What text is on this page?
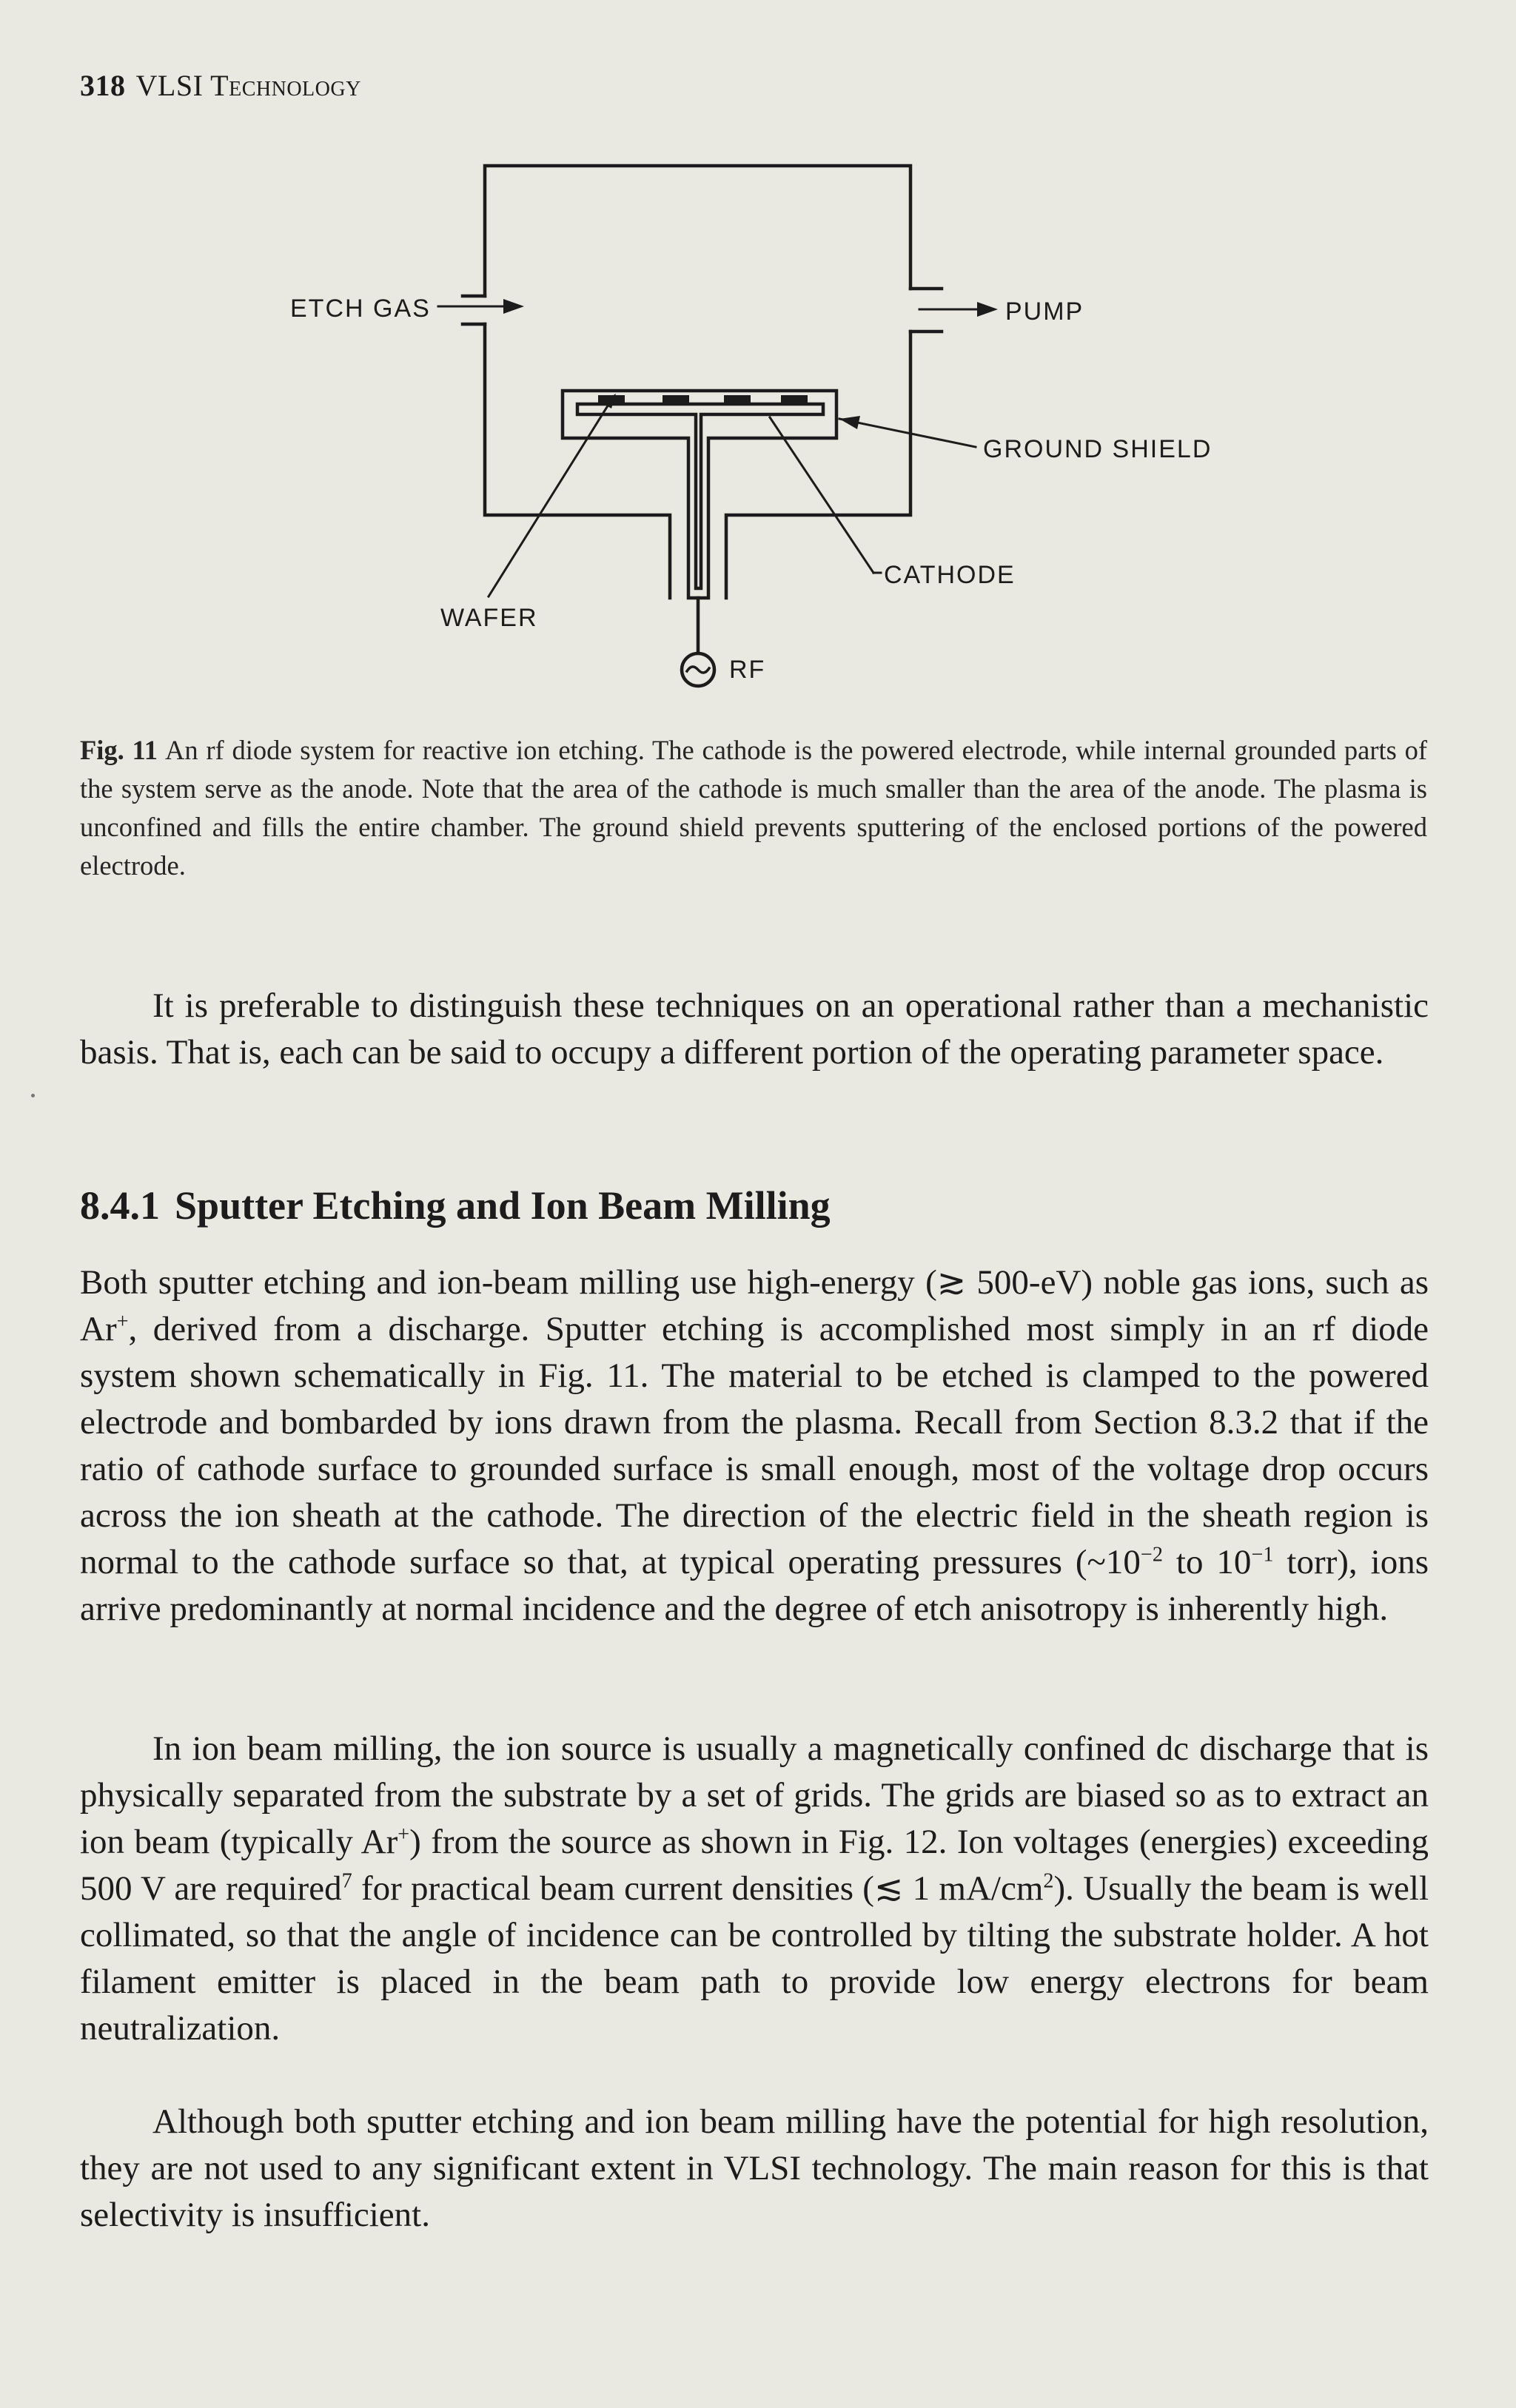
318 VLSI Technology
ETCH GAS	PUMP
GROUND SHIELD
CATHODE
WAFER
RF
Fig. 11 An rf diode system for reactive ion etching. The cathode is the powered electrode, while internal grounded parts of the system serve as the anode. Note that the area of the cathode is much smaller than the area of the anode. The plasma is unconfined and fills the entire chamber. The ground shield prevents sputtering of the enclosed portions of the powered electrode.

It is preferable to distinguish these techniques on an operational rather than a mechanistic basis. That is, each can be said to occupy a different portion of the operating parameter space.

8.4.1 Sputter Etching and Ion Beam Milling

Both sputter etching and ion-beam milling use high-energy (≳ 500-eV) noble gas ions, such as Ar+, derived from a discharge. Sputter etching is accomplished most simply in an rf diode system shown schematically in Fig. 11. The material to be etched is clamped to the powered electrode and bombarded by ions drawn from the plasma. Recall from Section 8.3.2 that if the ratio of cathode surface to grounded surface is small enough, most of the voltage drop occurs across the ion sheath at the cathode. The direction of the electric field in the sheath region is normal to the cathode surface so that, at typical operating pressures ($\sim 10^{-2}$ to $10^{-1}$ torr), ions arrive predominantly at normal incidence and the degree of etch anisotropy is inherently high.

In ion beam milling, the ion source is usually a magnetically confined dc discharge that is physically separated from the substrate by a set of grids. The grids are biased so as to extract an ion beam (typically Ar+) from the source as shown in Fig. 12. Ion voltages (energies) exceeding 500 V are required$^7$ for practical beam current densities (≲ 1 $mA/cm^2$). Usually the beam is well collimated, so that the angle of incidence can be controlled by tilting the substrate holder. A hot filament emitter is placed in the beam path to provide low energy electrons for beam neutralization.

Although both sputter etching and ion beam milling have the potential for high resolution, they are not used to any significant extent in VLSI technology. The main reason for this is that selectivity is insufficient.
